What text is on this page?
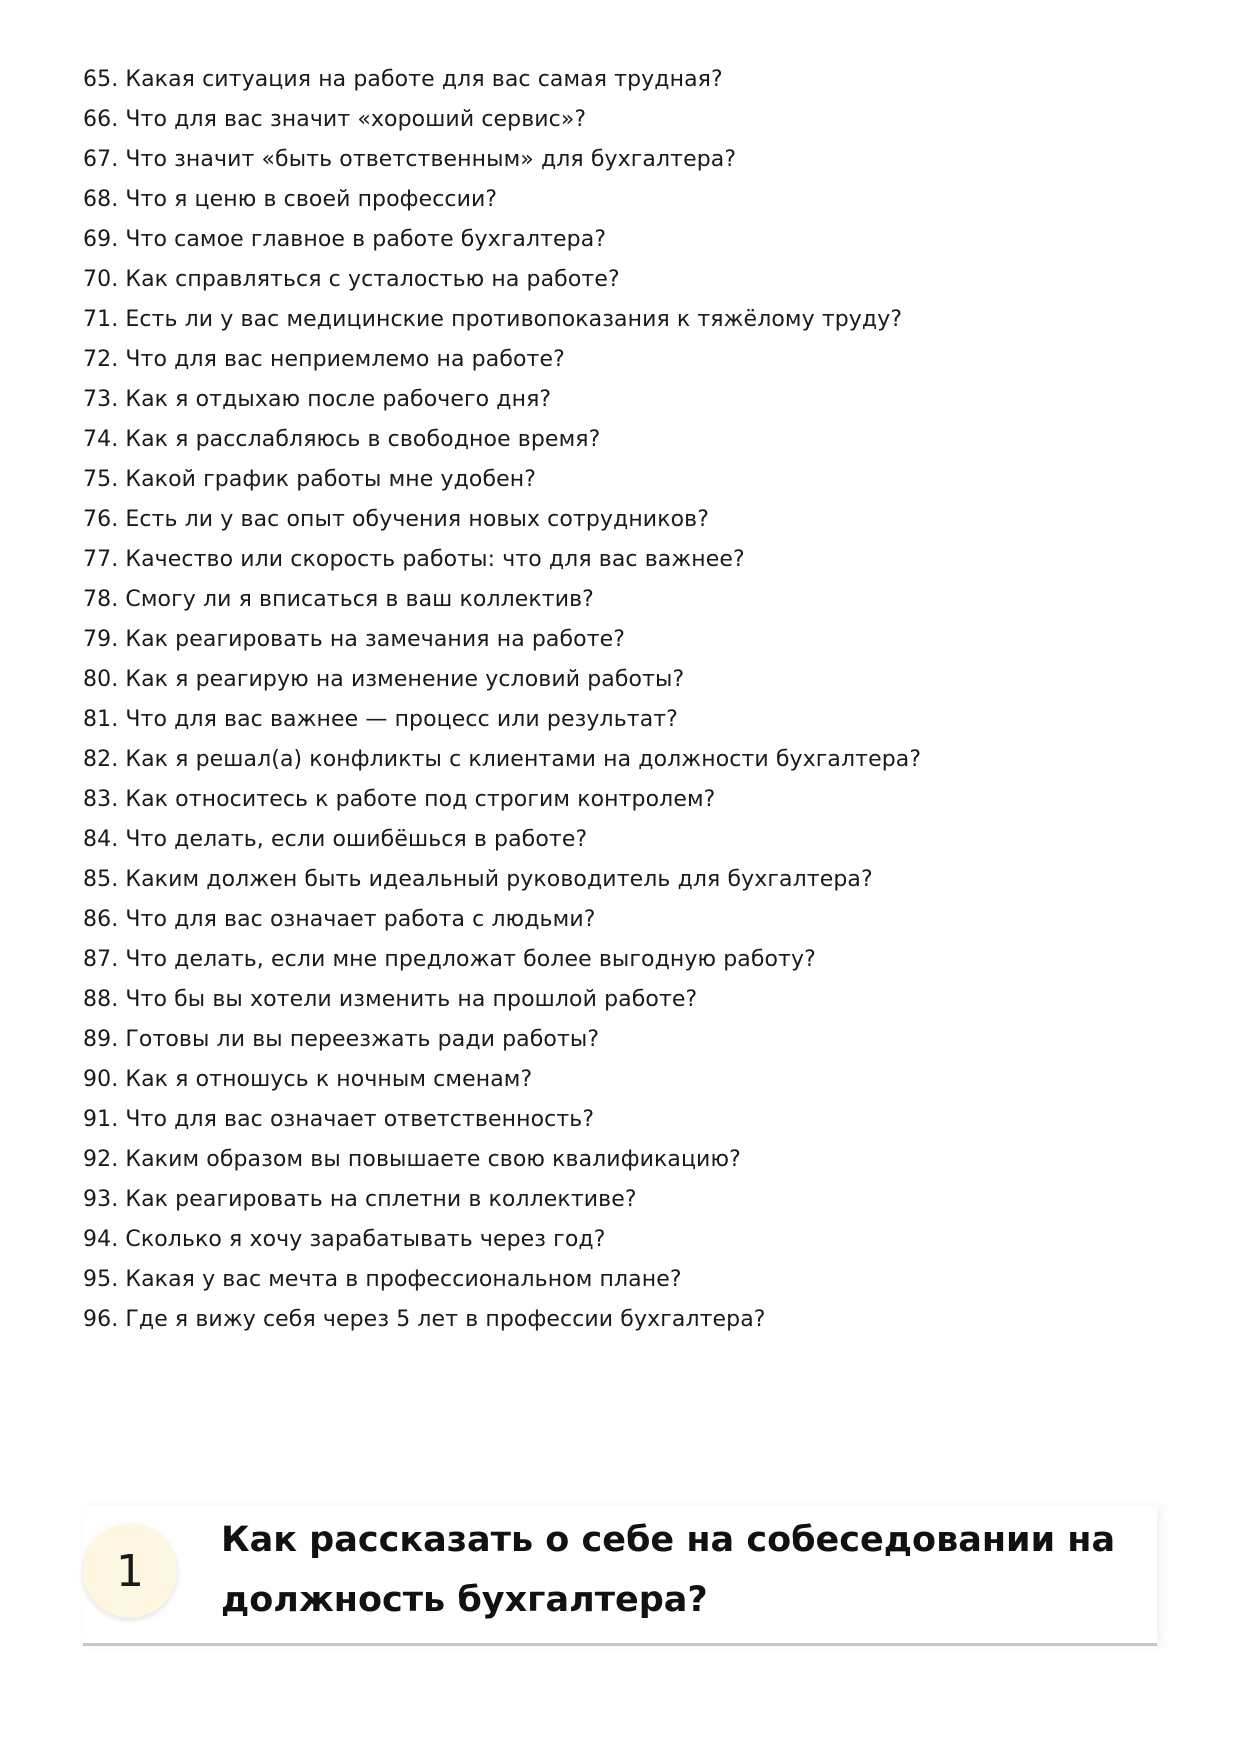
65. Какая ситуация на работе для вас самая трудная?
66. Что для вас значит «хороший сервис»?
67. Что значит «быть ответственным» для бухгалтера?
68. Что я ценю в своей профессии?
69. Что самое главное в работе бухгалтера?
70. Как справляться с усталостью на работе?
71. Есть ли у вас медицинские противопоказания к тяжёлому труду?
72. Что для вас неприемлемо на работе?
73. Как я отдыхаю после рабочего дня?
74. Как я расслабляюсь в свободное время?
75. Какой график работы мне удобен?
76. Есть ли у вас опыт обучения новых сотрудников?
77. Качество или скорость работы: что для вас важнее?
78. Смогу ли я вписаться в ваш коллектив?
79. Как реагировать на замечания на работе?
80. Как я реагирую на изменение условий работы?
81. Что для вас важнее — процесс или результат?
82. Как я решал(а) конфликты с клиентами на должности бухгалтера?
83. Как относитесь к работе под строгим контролем?
84. Что делать, если ошибёшься в работе?
85. Каким должен быть идеальный руководитель для бухгалтера?
86. Что для вас означает работа с людьми?
87. Что делать, если мне предложат более выгодную работу?
88. Что бы вы хотели изменить на прошлой работе?
89. Готовы ли вы переезжать ради работы?
90. Как я отношусь к ночным сменам?
91. Что для вас означает ответственность?
92. Каким образом вы повышаете свою квалификацию?
93. Как реагировать на сплетни в коллективе?
94. Сколько я хочу зарабатывать через год?
95. Какая у вас мечта в профессиональном плане?
96. Где я вижу себя через 5 лет в профессии бухгалтера?
1
Как рассказать о себе на собеседовании на должность бухгалтера?
